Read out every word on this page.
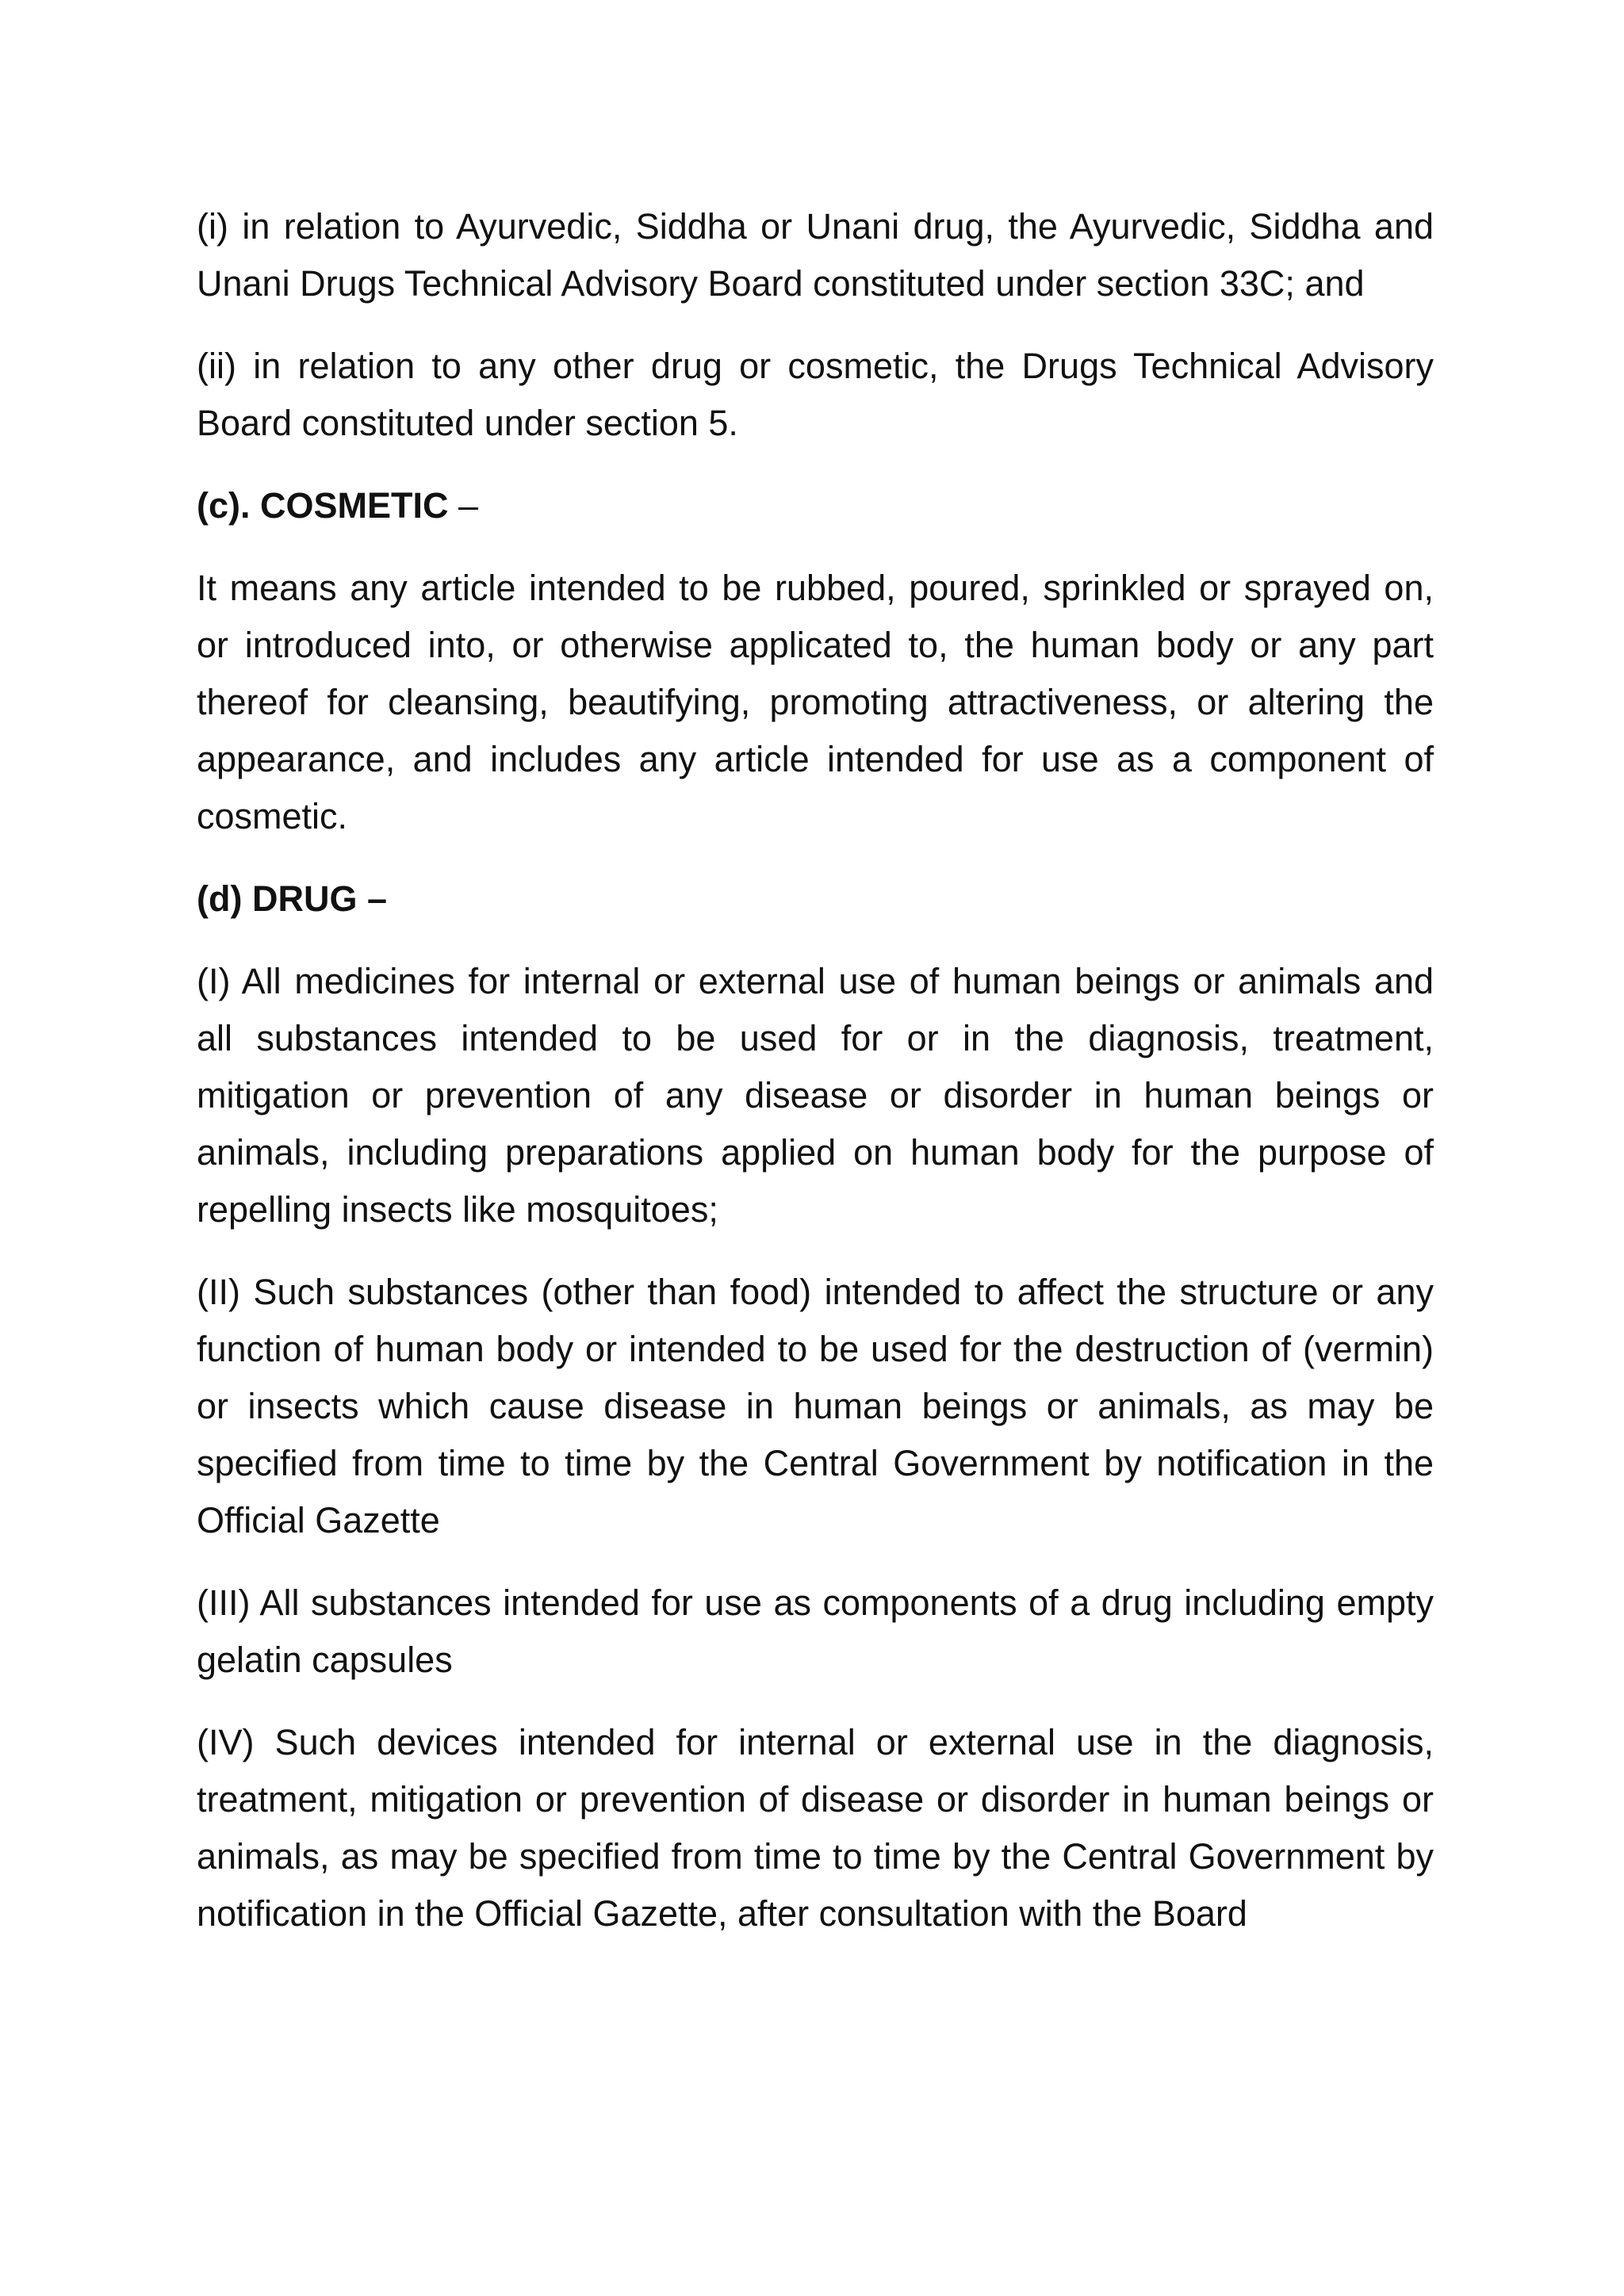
(i) in relation to Ayurvedic, Siddha or Unani drug, the Ayurvedic, Siddha and Unani Drugs Technical Advisory Board constituted under section 33C; and

(ii) in relation to any other drug or cosmetic, the Drugs Technical Advisory Board constituted under section 5.

(c). COSMETIC –

It means any article intended to be rubbed, poured, sprinkled or sprayed on, or introduced into, or otherwise applicated to, the human body or any part thereof for cleansing, beautifying, promoting attractiveness, or altering the appearance, and includes any article intended for use as a component of cosmetic.

(d) DRUG –

(I) All medicines for internal or external use of human beings or animals and all substances intended to be used for or in the diagnosis, treatment, mitigation or prevention of any disease or disorder in human beings or animals, including preparations applied on human body for the purpose of repelling insects like mosquitoes;

(II) Such substances (other than food) intended to affect the structure or any function of human body or intended to be used for the destruction of (vermin) or insects which cause disease in human beings or animals, as may be specified from time to time by the Central Government by notification in the Official Gazette

(III) All substances intended for use as components of a drug including empty gelatin capsules

(IV) Such devices intended for internal or external use in the diagnosis, treatment, mitigation or prevention of disease or disorder in human beings or animals, as may be specified from time to time by the Central Government by notification in the Official Gazette, after consultation with the Board
